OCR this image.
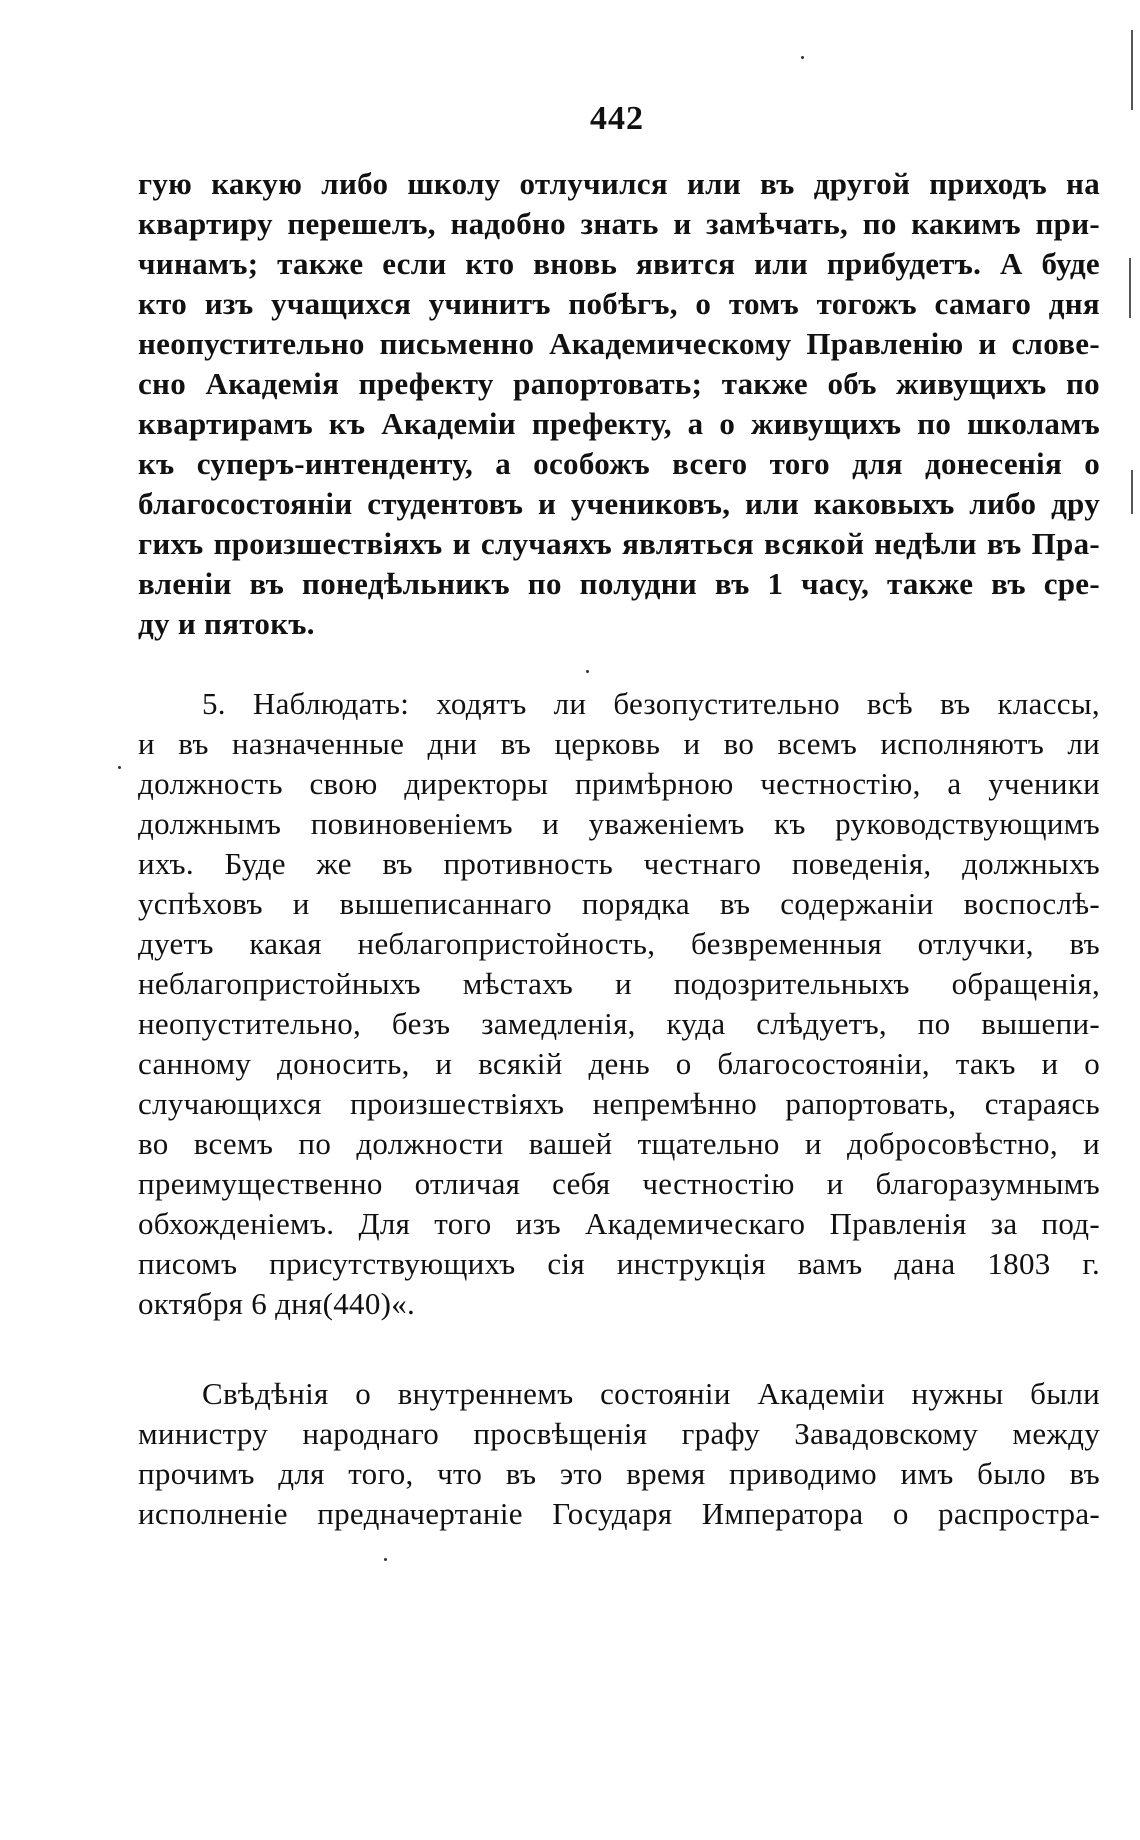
442
гую какую либо школу отлучился или въ другой приходъ на
квартиру перешелъ, надобно знать и замѣчать, по какимъ при-
чинамъ; также если кто вновь явится или прибудетъ. А буде
кто изъ учащихся учинитъ побѣгъ, о томъ тогожъ самаго дня
неопустительно письменно Академическому Правленію и слове-
сно Академія префекту рапортовать; также объ живущихъ по
квартирамъ къ Академіи префекту, а о живущихъ по школамъ
къ суперъ-интенденту, а особожъ всего того для донесенія о
благосостояніи студентовъ и учениковъ, или каковыхъ либо дру
гихъ произшествіяхъ и случаяхъ являться всякой недѣли въ Пра-
вленіи въ понедѣльникъ по полудни въ 1 часу, также въ сре-
ду и пятокъ.
5. Наблюдать: ходятъ ли безопустительно всѣ въ классы,
и въ назначенные дни въ церковь и во всемъ исполняютъ ли
должность свою директоры примѣрною честностію, а ученики
должнымъ повиновеніемъ и уваженіемъ къ руководствующимъ
ихъ. Буде же въ противность честнаго поведенія, должныхъ
успѣховъ и вышеписаннаго порядка въ содержаніи воспослѣ-
дуетъ какая неблагопристойность, безвременныя отлучки, въ
неблагопристойныхъ мѣстахъ и подозрительныхъ обращенія,
неопустительно, безъ замедленія, куда слѣдуетъ, по вышепи-
санному доносить, и всякій день о благосостояніи, такъ и о
случающихся произшествіяхъ непремѣнно рапортовать, стараясь
во всемъ по должности вашей тщательно и добросовѣстно, и
преимущественно отличая себя честностію и благоразумнымъ
обхожденіемъ. Для того изъ Академическаго Правленія за под-
писомъ присутствующихъ сія инструкція вамъ дана 1803 г.
октября 6 дня(440)«.
Свѣдѣнія о внутреннемъ состояніи Академіи нужны были
министру народнаго просвѣщенія графу Завадовскому между
прочимъ для того, что въ это время приводимо имъ было въ
исполненіе предначертаніе Государя Императора о распростра-
